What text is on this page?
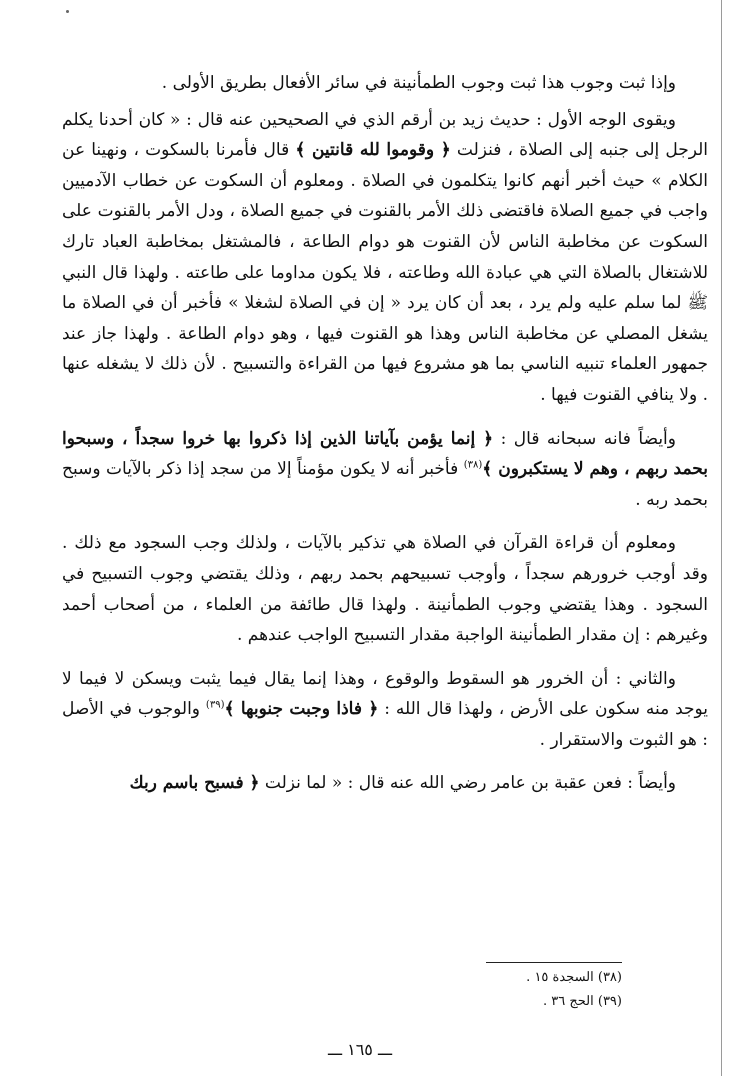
وإذا ثبت وجوب هذا ثبت وجوب الطمأنينة في سائر الأفعال بطريق الأولى .

ويقوى الوجه الأول : حديث زيد بن أرقم الذي في الصحيحين عنه قال : « كان أحدنا يكلم الرجل إلى جنبه إلى الصلاة ، فنزلت ﴿ وقوموا لله قانتين ﴾ قال فأمرنا بالسكوت ، ونهينا عن الكلام » حيث أخبر أنهم كانوا يتكلمون في الصلاة . ومعلوم أن السكوت عن خطاب الآدميين واجب في جميع الصلاة فاقتضى ذلك الأمر بالقنوت في جميع الصلاة ، ودل الأمر بالقنوت على السكوت عن مخاطبة الناس لأن القنوت هو دوام الطاعة ، فالمشتغل بمخاطبة العباد تارك للاشتغال بالصلاة التي هي عبادة الله وطاعته ، فلا يكون مداوما على طاعته . ولهذا قال النبي ﷺ لما سلم عليه ولم يرد ، بعد أن كان يرد « إن في الصلاة لشغلا » فأخبر أن في الصلاة ما يشغل المصلي عن مخاطبة الناس وهذا هو القنوت فيها ، وهو دوام الطاعة . ولهذا جاز عند جمهور العلماء تنبيه الناسي بما هو مشروع فيها من القراءة والتسبيح . لأن ذلك لا يشغله عنها . ولا ينافي القنوت فيها .

وأيضاً فانه سبحانه قال : ﴿ إنما يؤمن بآياتنا الذين إذا ذكروا بها خروا سجداً ، وسبحوا بحمد ربهم ، وهم لا يستكبرون ﴾$^{(٣٨)}$ فأخبر أنه لا يكون مؤمناً إلا من سجد إذا ذكر بالآيات وسبح بحمد ربه .

ومعلوم أن قراءة القرآن في الصلاة هي تذكير بالآيات ، ولذلك وجب السجود مع ذلك . وقد أوجب خرورهم سجداً ، وأوجب تسبيحهم بحمد ربهم ، وذلك يقتضي وجوب التسبيح في السجود . وهذا يقتضي وجوب الطمأنينة . ولهذا قال طائفة من العلماء ، من أصحاب أحمد وغيرهم : إن مقدار الطمأنينة الواجبة مقدار التسبيح الواجب عندهم .

والثاني : أن الخرور هو السقوط والوقوع ، وهذا إنما يقال فيما يثبت ويسكن لا فيما لا يوجد منه سكون على الأرض ، ولهذا قال الله : ﴿ فاذا وجبت جنوبها ﴾$^{(٣٩)}$ والوجوب في الأصل : هو الثبوت والاستقرار .

وأيضاً : فعن عقبة بن عامر رضي الله عنه قال : « لما نزلت ﴿ فسبح باسم ربك

(٣٨) السجدة ١٥ .

(٣٩) الحج ٣٦ .

ـــ ١٦٥ ـــ
